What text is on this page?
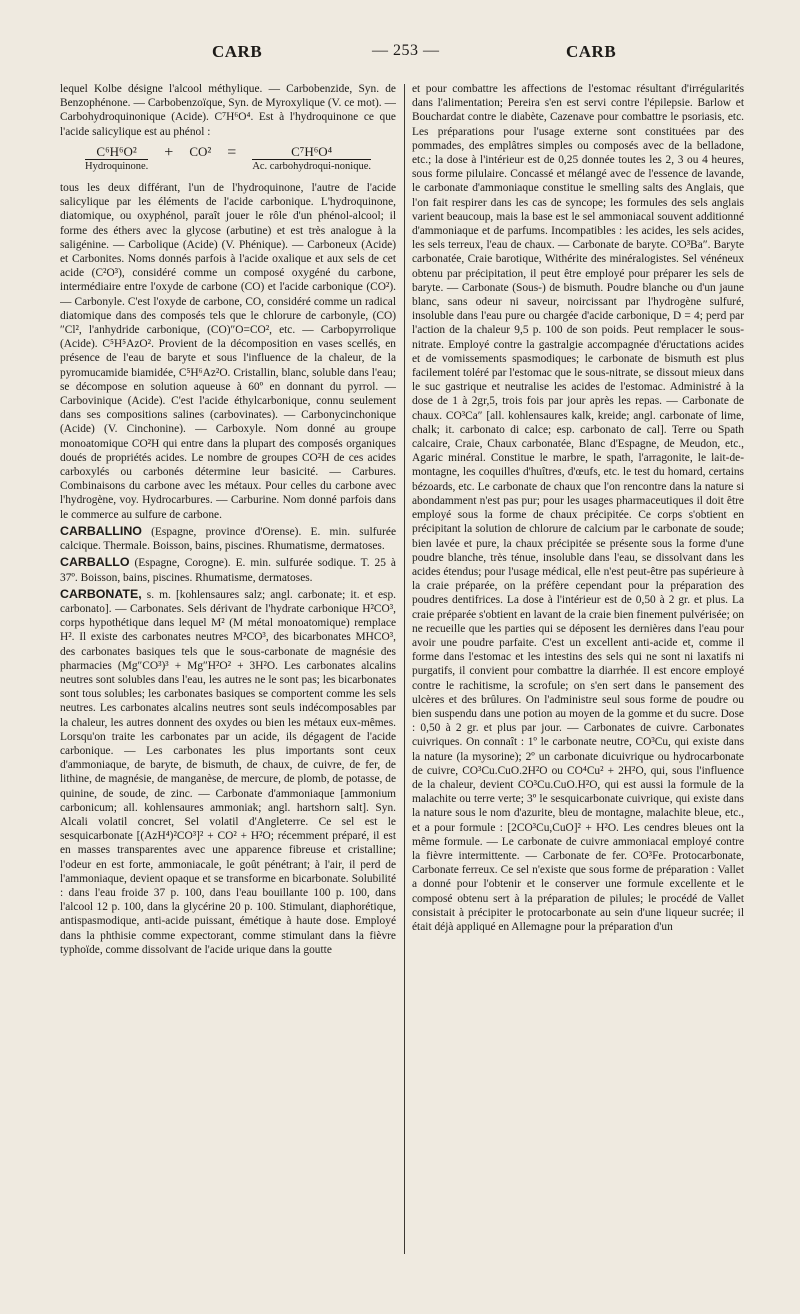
CARB	— 253 —	CARB

lequel Kolbe désigne l'alcool méthylique. — Carbobenzide, Syn. de Benzophénone. — Carbobenzoïque, Syn. de Myroxylique (V. ce mot). — Carbohydroquinonique (Acide). C⁷H⁶O⁴. Est à l'hydroquinone ce que l'acide salicylique est au phénol :

C⁶H⁶O²
Hydroquinone.
+ CO² =	C⁷H⁶O⁴
Ac. carbohydroqui-nonique.

tous les deux différant, l'un de l'hydroquinone, l'autre de l'acide salicylique par les éléments de l'acide carbonique. L'hydroquinone, diatomique, ou oxyphénol, paraît jouer le rôle d'un phénol-alcool; il forme des éthers avec la glycose (arbutine) et est très analogue à la saligénine. — Carbolique (Acide) (V. Phénique). — Carboneux (Acide) et Carbonites. Noms donnés parfois à l'acide oxalique et aux sels de cet acide (C²O³), considéré comme un composé oxygéné du carbone, intermédiaire entre l'oxyde de carbone (CO) et l'acide carbonique (CO²). — Carbonyle. C'est l'oxyde de carbone, CO, considéré comme un radical diatomique dans des composés tels que le chlorure de carbonyle, (CO)″Cl², l'anhydride carbonique, (CO)″O=CO², etc. — Carbopyrrolique (Acide). C⁵H⁵AzO². Provient de la décomposition en vases scellés, en présence de l'eau de baryte et sous l'influence de la chaleur, de la pyromucamide biamidée, C⁵H⁶Az²O. Cristallin, blanc, soluble dans l'eau; se décompose en solution aqueuse à 60º en donnant du pyrrol. — Carbovinique (Acide). C'est l'acide éthylcarbonique, connu seulement dans ses compositions salines (carbovinates). — Carbonycinchonique (Acide) (V. Cinchonine). — Carboxyle. Nom donné au groupe monoatomique CO²H qui entre dans la plupart des composés organiques doués de propriétés acides. Le nombre de groupes CO²H de ces acides carboxylés ou carbonés détermine leur basicité. — Carbures. Combinaisons du carbone avec les métaux. Pour celles du carbone avec l'hydrogène, voy. Hydrocarbures. — Carburine. Nom donné parfois dans le commerce au sulfure de carbone.

CARBALLINO (Espagne, province d'Orense). E. min. sulfurée calcique. Thermale. Boisson, bains, piscines. Rhumatisme, dermatoses.

CARBALLO (Espagne, Corogne). E. min. sulfurée sodique. T. 25 à 37º. Boisson, bains, piscines. Rhumatisme, dermatoses.

CARBONATE, s. m. [kohlensaures salz; angl. carbonate; it. et esp. carbonato]. — Carbonates. Sels dérivant de l'hydrate carbonique H²CO³, corps hypothétique dans lequel M² (M métal monoatomique) remplace H². Il existe des carbonates neutres M²CO³, des bicarbonates MHCO³, des carbonates basiques tels que le sous-carbonate de magnésie des pharmacies (Mg″CO³)³ + Mg″H²O² + 3H²O. Les carbonates alcalins neutres sont solubles dans l'eau, les autres ne le sont pas; les bicarbonates sont tous solubles; les carbonates basiques se comportent comme les sels neutres. Les carbonates alcalins neutres sont seuls indécomposables par la chaleur, les autres donnent des oxydes ou bien les métaux eux-mêmes. Lorsqu'on traite les carbonates par un acide, ils dégagent de l'acide carbonique. — Les carbonates les plus importants sont ceux d'ammoniaque, de baryte, de bismuth, de chaux, de cuivre, de fer, de lithine, de magnésie, de manganèse, de mercure, de plomb, de potasse, de quinine, de soude, de zinc. — Carbonate d'ammoniaque [ammonium carbonicum; all. kohlensaures ammoniak; angl. hartshorn salt]. Syn. Alcali volatil concret, Sel volatil d'Angleterre. Ce sel est le sesquicarbonate [(AzH⁴)²CO³]² + CO² + H²O; récemment préparé, il est en masses transparentes avec une apparence fibreuse et cristalline; l'odeur en est forte, ammoniacale, le goût pénétrant; à l'air, il perd de l'ammoniaque, devient opaque et se transforme en bicarbonate. Solubilité : dans l'eau froide 37 p. 100, dans l'eau bouillante 100 p. 100, dans l'alcool 12 p. 100, dans la glycérine 20 p. 100. Stimulant, diaphorétique, antispasmodique, anti-acide puissant, émétique à haute dose. Employé dans la phthisie comme expectorant, comme stimulant dans la fièvre typhoïde, comme dissolvant de l'acide urique dans la goutte

et pour combattre les affections de l'estomac résultant d'irrégularités dans l'alimentation; Pereira s'en est servi contre l'épilepsie. Barlow et Bouchardat contre le diabète, Cazenave pour combattre le psoriasis, etc. Les préparations pour l'usage externe sont constituées par des pommades, des emplâtres simples ou composés avec de la belladone, etc.; la dose à l'intérieur est de 0,25 donnée toutes les 2, 3 ou 4 heures, sous forme pilulaire. Concassé et mélangé avec de l'essence de lavande, le carbonate d'ammoniaque constitue le smelling salts des Anglais, que l'on fait respirer dans les cas de syncope; les formules des sels anglais varient beaucoup, mais la base est le sel ammoniacal souvent additionné d'ammoniaque et de parfums. Incompatibles : les acides, les sels acides, les sels terreux, l'eau de chaux. — Carbonate de baryte. CO³Ba″. Baryte carbonatée, Craie barotique, Withérite des minéralogistes. Sel vénéneux obtenu par précipitation, il peut être employé pour préparer les sels de baryte. — Carbonate (Sous-) de bismuth. Poudre blanche ou d'un jaune blanc, sans odeur ni saveur, noircissant par l'hydrogène sulfuré, insoluble dans l'eau pure ou chargée d'acide carbonique, D = 4; perd par l'action de la chaleur 9,5 p. 100 de son poids. Peut remplacer le sous-nitrate. Employé contre la gastralgie accompagnée d'éructations acides et de vomissements spasmodiques; le carbonate de bismuth est plus facilement toléré par l'estomac que le sous-nitrate, se dissout mieux dans le suc gastrique et neutralise les acides de l'estomac. Administré à la dose de 1 à 2gr,5, trois fois par jour après les repas. — Carbonate de chaux. CO³Ca″ [all. kohlensaures kalk, kreide; angl. carbonate of lime, chalk; it. carbonato di calce; esp. carbonato de cal]. Terre ou Spath calcaire, Craie, Chaux carbonatée, Blanc d'Espagne, de Meudon, etc., Agaric minéral. Constitue le marbre, le spath, l'arragonite, le lait-de-montagne, les coquilles d'huîtres, d'œufs, etc. le test du homard, certains bézoards, etc. Le carbonate de chaux que l'on rencontre dans la nature si abondamment n'est pas pur; pour les usages pharmaceutiques il doit être employé sous la forme de chaux précipitée. Ce corps s'obtient en précipitant la solution de chlorure de calcium par le carbonate de soude; bien lavée et pure, la chaux précipitée se présente sous la forme d'une poudre blanche, très ténue, insoluble dans l'eau, se dissolvant dans les acides étendus; pour l'usage médical, elle n'est peut-être pas supérieure à la craie préparée, on la préfère cependant pour la préparation des poudres dentifrices. La dose à l'intérieur est de 0,50 à 2 gr. et plus. La craie préparée s'obtient en lavant de la craie bien finement pulvérisée; on ne recueille que les parties qui se déposent les dernières dans l'eau pour avoir une poudre parfaite. C'est un excellent anti-acide et, comme il forme dans l'estomac et les intestins des sels qui ne sont ni laxatifs ni purgatifs, il convient pour combattre la diarrhée. Il est encore employé contre le rachitisme, la scrofule; on s'en sert dans le pansement des ulcères et des brûlures. On l'administre seul sous forme de poudre ou bien suspendu dans une potion au moyen de la gomme et du sucre. Dose : 0,50 à 2 gr. et plus par jour. — Carbonates de cuivre. Carbonates cuivriques. On connaît : 1º le carbonate neutre, CO³Cu, qui existe dans la nature (la mysorine); 2º un carbonate dicuivrique ou hydrocarbonate de cuivre, CO³Cu.CuO.2H²O ou CO⁴Cu² + 2H²O, qui, sous l'influence de la chaleur, devient CO³Cu.CuO.H²O, qui est aussi la formule de la malachite ou terre verte; 3º le sesquicarbonate cuivrique, qui existe dans la nature sous le nom d'azurite, bleu de montagne, malachite bleue, etc., et a pour formule : [2CO³Cu,CuO]² + H²O. Les cendres bleues ont la même formule. — Le carbonate de cuivre ammoniacal employé contre la fièvre intermittente. — Carbonate de fer. CO³Fe. Protocarbonate, Carbonate ferreux. Ce sel n'existe que sous forme de préparation : Vallet a donné pour l'obtenir et le conserver une formule excellente et le composé obtenu sert à la préparation de pilules; le procédé de Vallet consistait à précipiter le protocarbonate au sein d'une liqueur sucrée; il était déjà appliqué en Allemagne pour la préparation d'un
